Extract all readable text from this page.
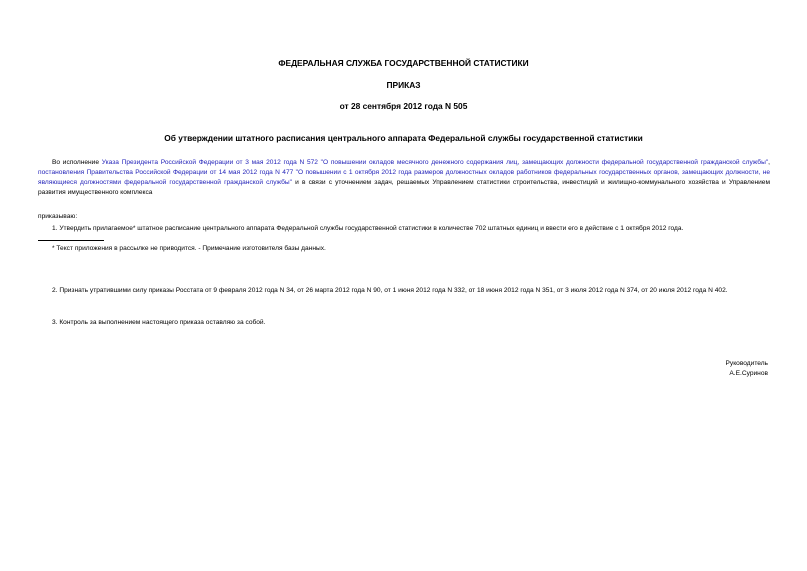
ФЕДЕРАЛЬНАЯ СЛУЖБА ГОСУДАРСТВЕННОЙ СТАТИСТИКИ
ПРИКАЗ
от 28 сентября 2012 года N 505
Об утверждении штатного расписания центрального аппарата Федеральной службы государственной статистики
Во исполнение Указа Президента Российской Федерации от 3 мая 2012 года N 572 "О повышении окладов месячного денежного содержания лиц, замещающих должности федеральной государственной гражданской службы", постановления Правительства Российской Федерации от 14 мая 2012 года N 477 "О повышении с 1 октября 2012 года размеров должностных окладов работников федеральных государственных органов, замещающих должности, не являющиеся должностями федеральной государственной гражданской службы" и в связи с уточнением задач, решаемых Управлением статистики строительства, инвестиций и жилищно-коммунального хозяйства и Управлением развития имущественного комплекса
приказываю:
1. Утвердить прилагаемое* штатное расписание центрального аппарата Федеральной службы государственной статистики в количестве 702 штатных единиц и ввести его в действие с 1 октября 2012 года.
* Текст приложения в рассылке не приводится. - Примечание изготовителя базы данных.
2. Признать утратившими силу приказы Росстата от 9 февраля 2012 года N 34, от 26 марта 2012 года N 90, от 1 июня 2012 года N 332, от 18 июня 2012 года N 351, от 3 июля 2012 года N 374, от 20 июля 2012 года N 402.
3. Контроль за выполнением настоящего приказа оставляю за собой.
Руководитель
А.Е.Суринов
